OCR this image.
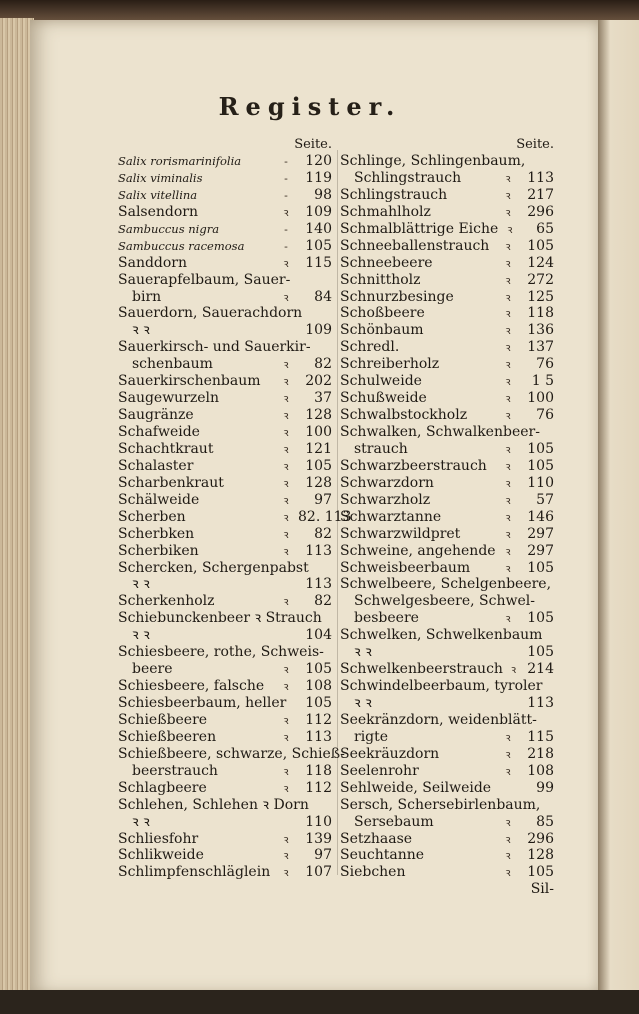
Register.
Seite.
Salix rorismarinifolia	-	120
Salix viminalis	-	119
Salix vitellina	-	98
Salsendorn	ꝛ	109
Sambuccus nigra	-	140
Sambuccus racemosa	-	105
Sanddorn	ꝛ	115
Sauerapfelbaum, Sauer-
birn	ꝛ	84
Sauerdorn, Sauerachdorn
ꝛ ꝛ	109
Sauerkirsch- und Sauerkir-
schenbaum	ꝛ	82
Sauerkirschenbaum	ꝛ	202
Saugewurzeln	ꝛ	37
Saugränze	ꝛ	128
Schafweide	ꝛ	100
Schachtkraut	ꝛ	121
Schalaster	ꝛ	105
Scharbenkraut	ꝛ	128
Schälweide	ꝛ	97
Scherben	ꝛ 82. 113
Scherbken	ꝛ	82
Scherbiken	ꝛ	113
Schercken, Schergenpabst
ꝛ ꝛ	113
Scherkenholz	ꝛ	82
Schiebunckenbeer ꝛ Strauch
ꝛ ꝛ	104
Schiesbeere, rothe, Schweis-
beere	ꝛ	105
Schiesbeere, falsche	ꝛ	108
Schiesbeerbaum, heller 105
Schießbeere	ꝛ	112
Schießbeeren	ꝛ	113
Schießbeere, schwarze, Schieß-
beerstrauch	ꝛ	118
Schlagbeere	ꝛ	112
Schlehen, Schlehen ꝛ Dorn
ꝛ ꝛ	110
Schliesfohr	ꝛ	139
Schlikweide	ꝛ	97
Schlimpfenschläglein	ꝛ	107
Seite.
Schlinge, Schlingenbaum,
Schlingstrauch	ꝛ	113
Schlingstrauch	ꝛ	217
Schmahlholz	ꝛ	296
Schmalblättrige Eiche ꝛ	65
Schneeballenstrauch	ꝛ	105
Schneebeere	ꝛ	124
Schnittholz	ꝛ	272
Schnurzbesinge	ꝛ	125
Schoßbeere	ꝛ	118
Schönbaum	ꝛ	136
Schredl.	ꝛ	137
Schreiberholz	ꝛ	76
Schulweide	ꝛ	1 5
Schußweide	ꝛ	100
Schwalbstockholz	ꝛ	76
Schwalken, Schwalkenbeer-
strauch	ꝛ	105
Schwarzbeerstrauch	ꝛ	105
Schwarzdorn	ꝛ	110
Schwarzholz	ꝛ	57
Schwarztanne	ꝛ	146
Schwarzwildpret	ꝛ	297
Schweine, angehende ꝛ	297
Schweisbeerbaum	ꝛ	105
Schwelbeere, Schelgenbeere,
Schwelgesbeere, Schwel-
besbeere	ꝛ	105
Schwelken, Schwelkenbaum
ꝛ ꝛ	105
Schwelkenbeerstrauch ꝛ 214
Schwindelbeerbaum, tyroler
ꝛ ꝛ	113
Seekränzdorn, weidenblätt-
rigte	ꝛ	115
Seekräuzdorn	ꝛ	218
Seelenrohr	ꝛ	108
Sehlweide, Seilweide	99
Sersch, Schersebirlenbaum,
Sersebaum	ꝛ	85
Setzhaase	ꝛ	296
Seuchtanne	ꝛ	128
Siebchen	ꝛ	105
Sil-
